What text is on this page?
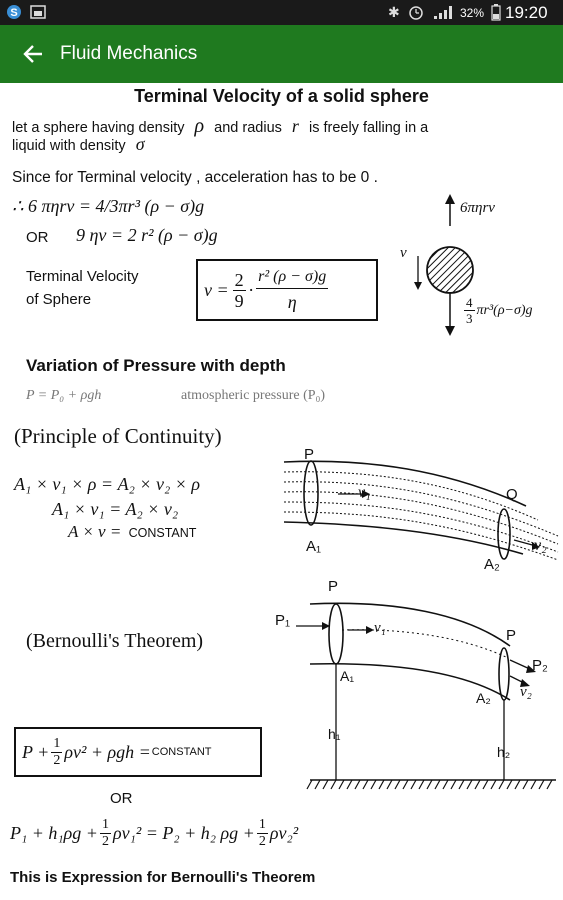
S	✱	32% 19:20
Fluid Mechanics
Terminal Velocity of a solid sphere
let a sphere having density ρ and radius r is freely falling in a
liquid with density σ
Since for Terminal velocity , acceleration has to be 0 .
∴ 6 πηrv = 4/3πr³ (ρ − σ)g
OR 9 ηv = 2 r² (ρ − σ)g
Terminal Velocity
of Sphere	$v = \frac{2}{9} \cdot \frac{\text{r² (ρ − σ)g}}{\eta}$
6πηrv
v
$\frac{4}{3} \pi r^3(\rho-\sigma)g$
Variation of Pressure with depth
P = P₀ + ρgh	atmospheric pressure (P₀)
(Principle of Continuity)
A₁ × v₁ × ρ = A₂ × v₂ × ρ
A₁ × v₁ = A₂ × v₂
A × v = CONSTANT
P
Q
A₁
A₂
v₁
v₂
(Bernoulli's Theorem)
P
P
P₁
P₂
v₁
v₂
A₁
A₂
h₁
h₂
$P + \frac{1}{2} \rho v^2 + \rho gh$ = CONSTANT
OR
$P_1 + h_1\rho g + \frac{1}{2} \rho v_1^2 = P_2 + h_2$ $\rho g + \frac{1}{2} \rho v_2^2$
This is Expression for Bernoulli's Theorem
